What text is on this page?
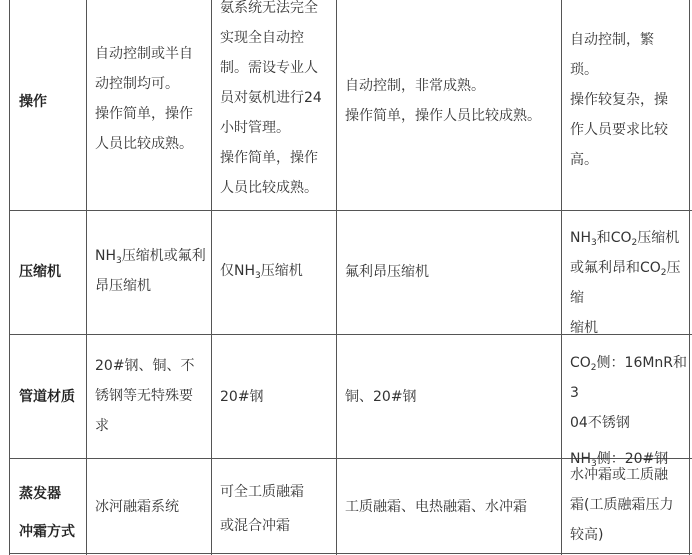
操作

自动控制或半自

动控制均可。

操作简单，操作

人员比较成熟。

氨系统无法完全

实现全自动控

制。需设专业人

员对氨机进行24

小时管理。

操作简单，操作

人员比较成熟。

自动控制，非常成熟。

操作简单，操作人员比较成熟。

自动控制，繁

琐。

操作较复杂，操

作人员要求比较

高。

压缩机

$NH_3$压缩机或氟利

昂压缩机

仅$NH_3$压缩机	氟利昂压缩机

$NH_3$和$CO_2$压缩机

或氟利昂和$CO_2$压缩

缩机

管道材质

20#钢、铜、不

锈钢等无特殊要

求

20#钢	铜、20#钢

$CO_2$侧：16MnR和3

04不锈钢

$NH_3$侧：20#钢

蒸发器

冲霜方式

冰河融霜系统

可全工质融霜

或混合冲霜

工质融霜、电热融霜、水冲霜

水冲霜或工质融

霜(工质融霜压力

较高)
